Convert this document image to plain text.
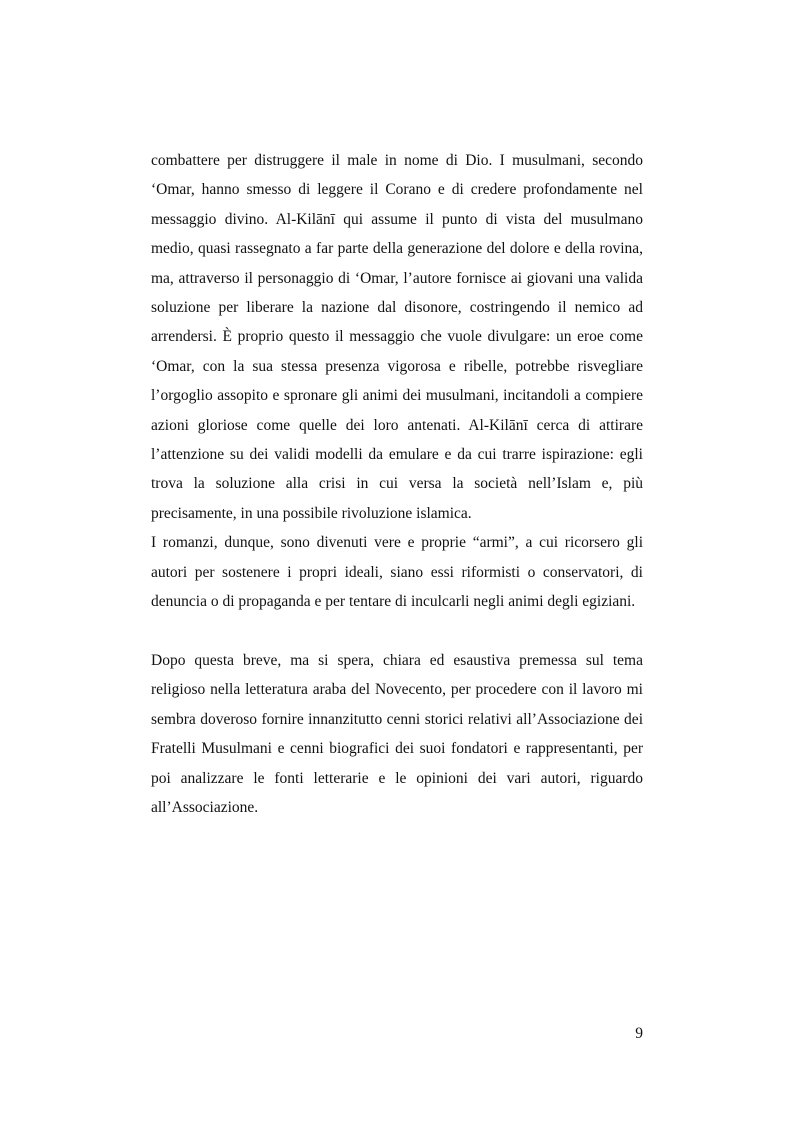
combattere per distruggere il male in nome di Dio. I musulmani, secondo ‘Omar, hanno smesso di leggere il Corano e di credere profondamente nel messaggio divino. Al-Kilānī qui assume il punto di vista del musulmano medio, quasi rassegnato a far parte della generazione del dolore e della rovina, ma, attraverso il personaggio di ‘Omar, l’autore fornisce ai giovani una valida soluzione per liberare la nazione dal disonore, costringendo il nemico ad arrendersi. È proprio questo il messaggio che vuole divulgare: un eroe come ‘Omar, con la sua stessa presenza vigorosa e ribelle, potrebbe risvegliare l’orgoglio assopito e spronare gli animi dei musulmani, incitandoli a compiere azioni gloriose come quelle dei loro antenati. Al-Kilānī cerca di attirare l’attenzione su dei validi modelli da emulare e da cui trarre ispirazione: egli trova la soluzione alla crisi in cui versa la società nell’Islam e, più precisamente, in una possibile rivoluzione islamica.

I romanzi, dunque, sono divenuti vere e proprie “armi”, a cui ricorsero gli autori per sostenere i propri ideali, siano essi riformisti o conservatori, di denuncia o di propaganda e per tentare di inculcarli negli animi degli egiziani.

Dopo questa breve, ma si spera, chiara ed esaustiva premessa sul tema religioso nella letteratura araba del Novecento, per procedere con il lavoro mi sembra doveroso fornire innanzitutto cenni storici relativi all’Associazione dei Fratelli Musulmani e cenni biografici dei suoi fondatori e rappresentanti, per poi analizzare le fonti letterarie e le opinioni dei vari autori, riguardo all’Associazione.

9
